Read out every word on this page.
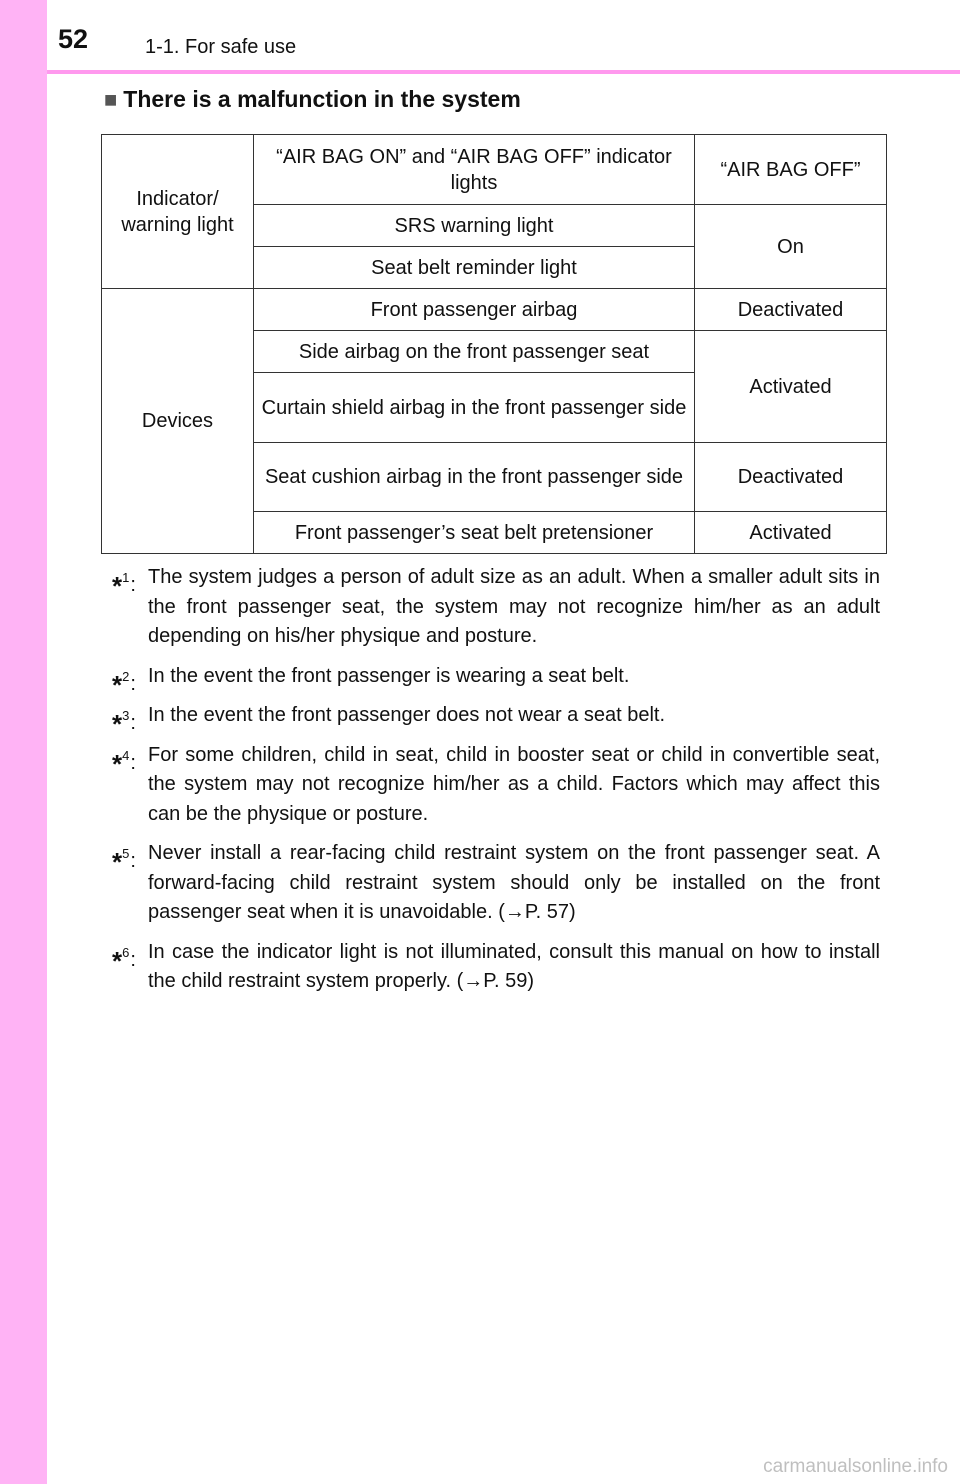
52	1-1. For safe use
■ There is a malfunction in the system
Indicator/ warning light	“AIR BAG ON” and “AIR BAG OFF” indicator lights	“AIR BAG OFF”
	SRS warning light	On
	Seat belt reminder light	
Devices	Front passenger airbag	Deactivated
	Side airbag on the front passenger seat	Activated
	Curtain shield airbag in the front passenger side	
	Seat cushion airbag in the front passenger side	Deactivated
	Front passenger’s seat belt pretensioner	Activated
*$^1$: The system judges a person of adult size as an adult. When a smaller adult sits in the front passenger seat, the system may not recognize him/her as an adult depending on his/her physique and posture.
*$^2$: In the event the front passenger is wearing a seat belt.
*$^3$: In the event the front passenger does not wear a seat belt.
*$^4$: For some children, child in seat, child in booster seat or child in convertible seat, the system may not recognize him/her as a child. Factors which may affect this can be the physique or posture.
*$^5$: Never install a rear-facing child restraint system on the front passenger seat. A forward-facing child restraint system should only be installed on the front passenger seat when it is unavoidable. (→P. 57)
*$^6$: In case the indicator light is not illuminated, consult this manual on how to install the child restraint system properly. (→P. 59)
carmanualsonline.info
